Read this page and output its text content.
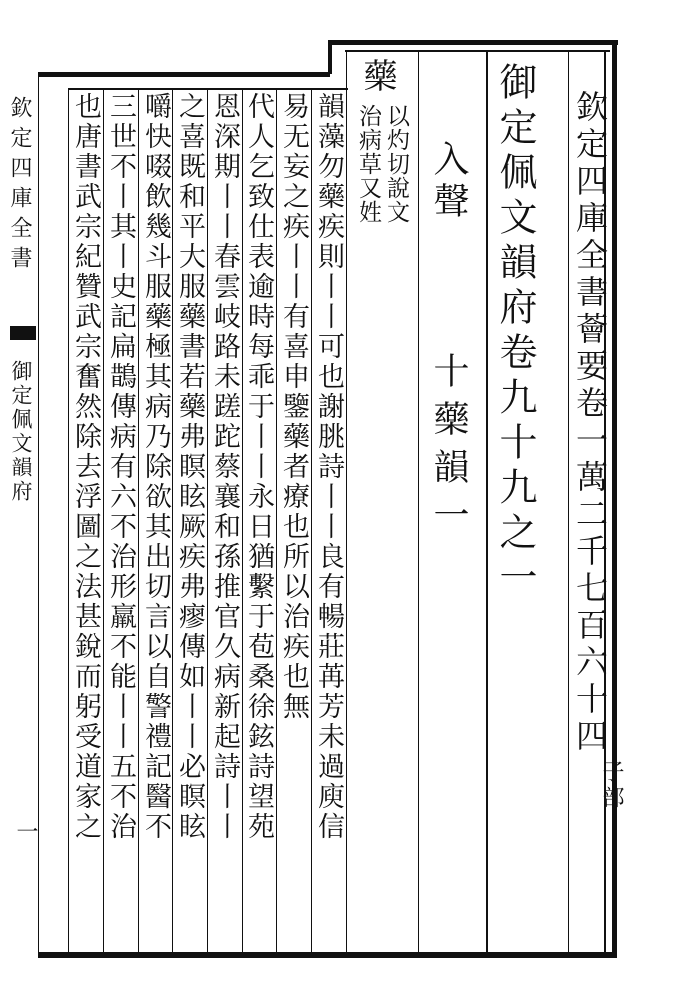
欽定四庫全書薈要卷一萬二千七百六十四
子部
御定佩文韻府卷九十九之一
入聲
十藥韻一
藥
以灼切說文
治病草又姓
韻藻勿藥疾則丨丨可也謝朓詩丨丨良有暢莊苒芳未過庾信
易无妄之疾丨丨有喜申鑒藥者療也所以治疾也無
代人乞致仕表逾時每乖于丨丨永日猶繫于苞桑徐鉉詩望苑
恩深期丨丨春雲岐路未蹉跎蔡襄和孫推官久病新起詩丨丨
之喜既和平大服藥書若藥弗瞑眩厥疾弗瘳傳如丨丨必瞑眩
嚼快啜飲幾斗服藥極其病乃除欲其出切言以自警禮記醫不
三世不丨其丨史記扁鵲傳病有六不治形羸不能丨丨五不治
也唐書武宗紀贊武宗奮然除去浮圖之法甚銳而躬受道家之
欽定四庫全書
御定佩文韻府
一
